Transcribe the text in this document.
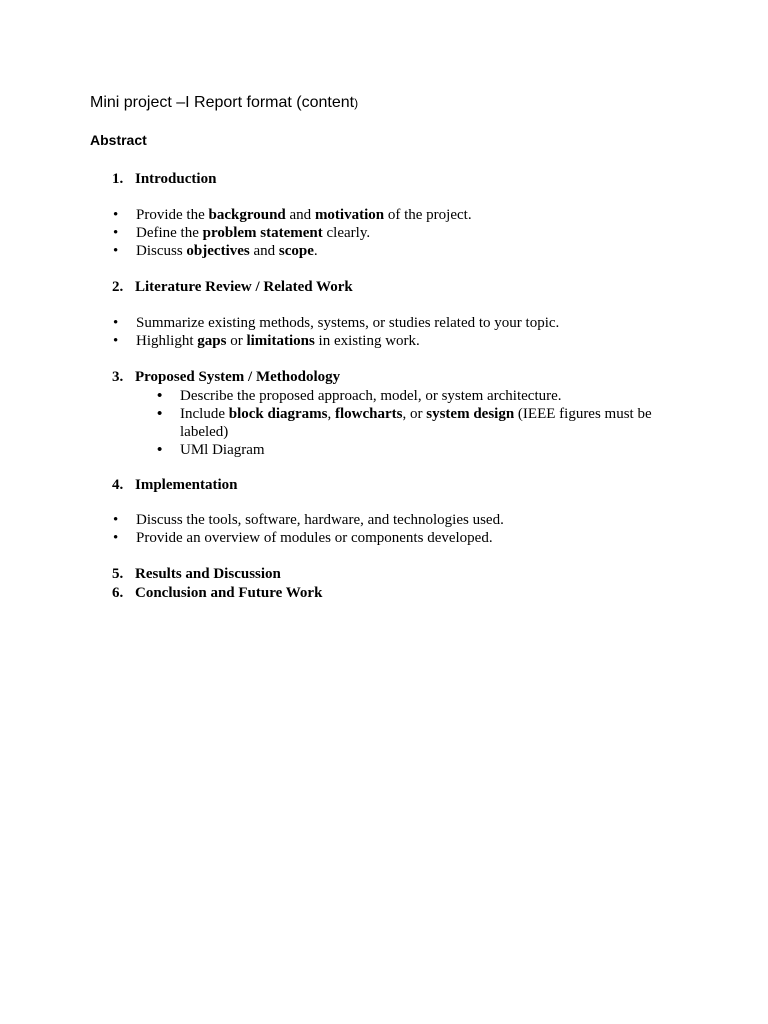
Mini project –I Report format (content)
Abstract
1. Introduction
• Provide the background and motivation of the project.
• Define the problem statement clearly.
• Discuss objectives and scope.
2. Literature Review / Related Work
• Summarize existing methods, systems, or studies related to your topic.
• Highlight gaps or limitations in existing work.
3. Proposed System / Methodology
• Describe the proposed approach, model, or system architecture.
• Include block diagrams, flowcharts, or system design (IEEE figures must be labeled)
• UMl Diagram
4. Implementation
• Discuss the tools, software, hardware, and technologies used.
• Provide an overview of modules or components developed.
5. Results and Discussion
6. Conclusion and Future Work
